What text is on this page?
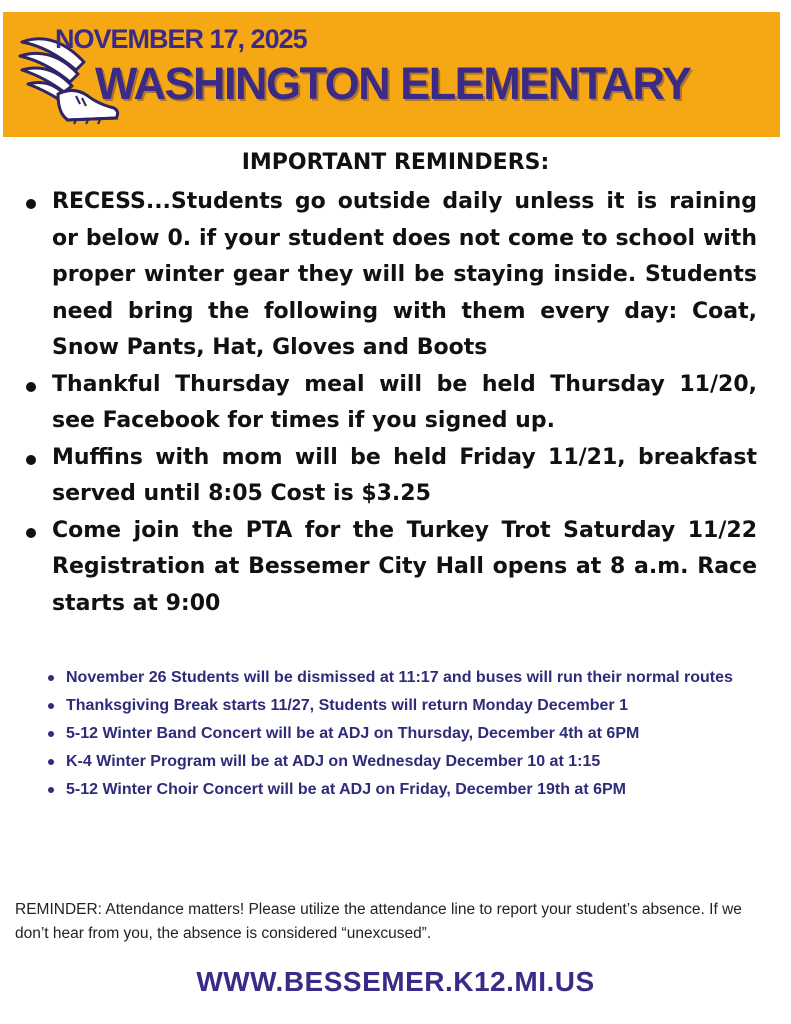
NOVEMBER 17, 2025
WASHINGTON ELEMENTARY
IMPORTANT REMINDERS:
RECESS...Students go outside daily unless it is raining or below 0. if your student does not come to school with proper winter gear they will be staying inside. Students need bring the following with them every day: Coat, Snow Pants, Hat, Gloves and Boots
Thankful Thursday meal will be held Thursday 11/20, see Facebook for times if you signed up.
Muffins with mom will be held Friday 11/21, breakfast served until 8:05 Cost is $3.25
Come join the PTA for the Turkey Trot Saturday 11/22 Registration at Bessemer City Hall opens at 8 a.m. Race starts at 9:00
November 26 Students will be dismissed at 11:17 and buses will run their normal routes
Thanksgiving Break starts 11/27, Students will return Monday December 1
5-12 Winter Band Concert will be at ADJ on Thursday, December 4th at 6PM
K-4 Winter Program will be at ADJ on Wednesday December 10 at 1:15
5-12 Winter Choir Concert will be at ADJ on Friday, December 19th at 6PM
REMINDER: Attendance matters! Please utilize the attendance line to report your student’s absence. If we don’t hear from you, the absence is considered “unexcused”.
WWW.BESSEMER.K12.MI.US
